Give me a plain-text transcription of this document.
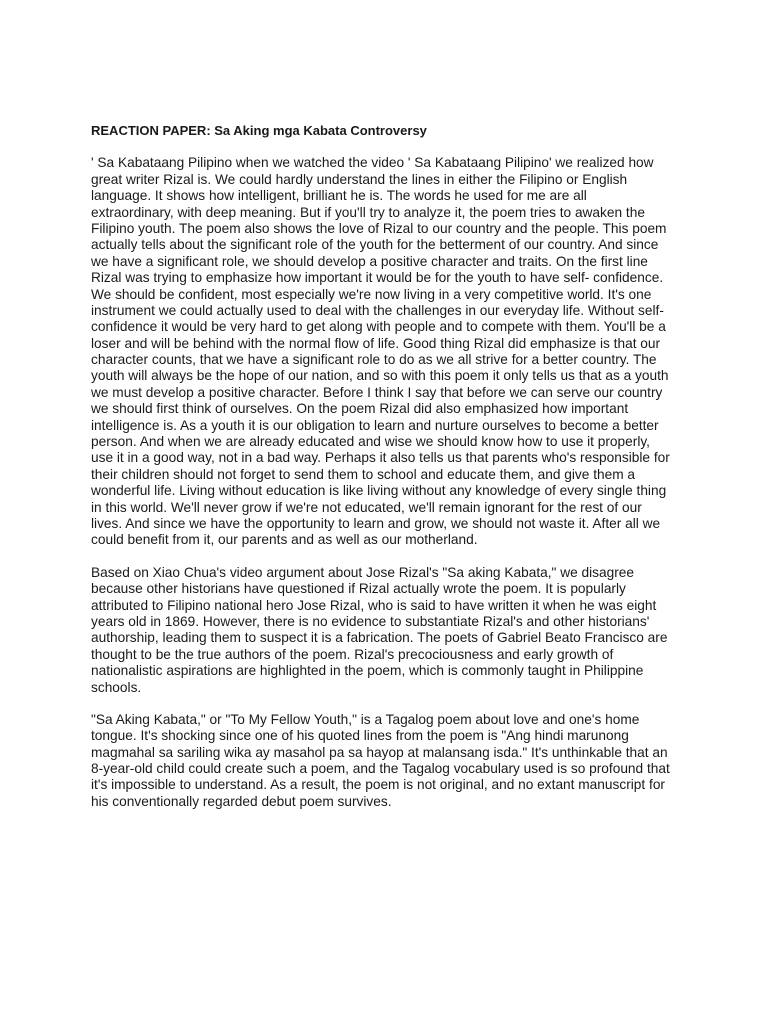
REACTION PAPER: Sa Aking mga Kabata Controversy
' Sa Kabataang Pilipino when we watched the video ' Sa Kabataang Pilipino' we realized how
great writer Rizal is. We could hardly understand the lines in either the Filipino or English
language. It shows how intelligent, brilliant he is. The words he used for me are all
extraordinary, with deep meaning. But if you'll try to analyze it, the poem tries to awaken the
Filipino youth. The poem also shows the love of Rizal to our country and the people. This poem
actually tells about the significant role of the youth for the betterment of our country. And since
we have a significant role, we should develop a positive character and traits. On the first line
Rizal was trying to emphasize how important it would be for the youth to have self- confidence.
We should be confident, most especially we're now living in a very competitive world. It's one
instrument we could actually used to deal with the challenges in our everyday life. Without self-
confidence it would be very hard to get along with people and to compete with them. You'll be a
loser and will be behind with the normal flow of life. Good thing Rizal did emphasize is that our
character counts, that we have a significant role to do as we all strive for a better country. The
youth will always be the hope of our nation, and so with this poem it only tells us that as a youth
we must develop a positive character. Before I think I say that before we can serve our country
we should first think of ourselves. On the poem Rizal did also emphasized how important
intelligence is. As a youth it is our obligation to learn and nurture ourselves to become a better
person. And when we are already educated and wise we should know how to use it properly,
use it in a good way, not in a bad way. Perhaps it also tells us that parents who's responsible for
their children should not forget to send them to school and educate them, and give them a
wonderful life. Living without education is like living without any knowledge of every single thing
in this world. We'll never grow if we're not educated, we'll remain ignorant for the rest of our
lives. And since we have the opportunity to learn and grow, we should not waste it. After all we
could benefit from it, our parents and as well as our motherland.
Based on Xiao Chua's video argument about Jose Rizal's "Sa aking Kabata," we disagree
because other historians have questioned if Rizal actually wrote the poem. It is popularly
attributed to Filipino national hero Jose Rizal, who is said to have written it when he was eight
years old in 1869. However, there is no evidence to substantiate Rizal's and other historians'
authorship, leading them to suspect it is a fabrication. The poets of Gabriel Beato Francisco are
thought to be the true authors of the poem. Rizal's precociousness and early growth of
nationalistic aspirations are highlighted in the poem, which is commonly taught in Philippine
schools.
"Sa Aking Kabata," or "To My Fellow Youth," is a Tagalog poem about love and one's home
tongue. It's shocking since one of his quoted lines from the poem is "Ang hindi marunong
magmahal sa sariling wika ay masahol pa sa hayop at malansang isda." It's unthinkable that an
8-year-old child could create such a poem, and the Tagalog vocabulary used is so profound that
it's impossible to understand. As a result, the poem is not original, and no extant manuscript for
his conventionally regarded debut poem survives.
